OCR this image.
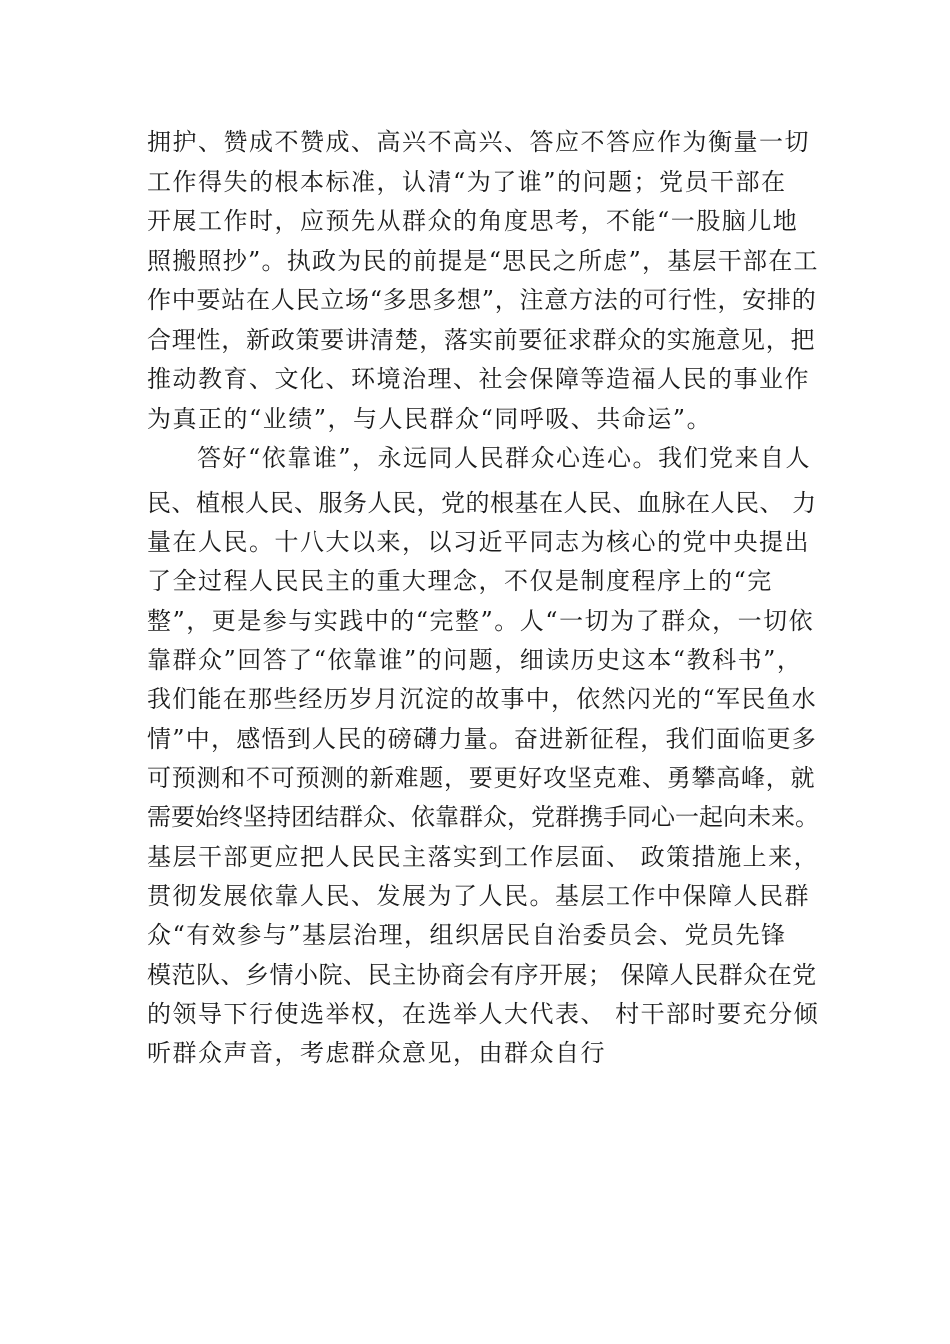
拥护、赞成不赞成、高兴不高兴、答应不答应作为衡量一切
工作得失的根本标准，认清“为了谁”的问题；党员干部在
开展工作时，应预先从群众的角度思考，不能“一股脑儿地
照搬照抄”。执政为民的前提是“思民之所虑”，基层干部在工
作中要站在人民立场“多思多想”，注意方法的可行性，安排的
合理性，新政策要讲清楚，落实前要征求群众的实施意见，把
推动教育、文化、环境治理、社会保障等造福人民的事业作
为真正的“业绩”，与人民群众“同呼吸、共命运”。
答好“依靠谁”，永远同人民群众心连心。我们党来自人
民、植根人民、服务人民，党的根基在人民、血脉在人民、 力
量在人民。十八大以来，以习近平同志为核心的党中央提出
了全过程人民民主的重大理念，不仅是制度程序上的“完
整”，更是参与实践中的“完整”。人“一切为了群众，一切依
靠群众”回答了“依靠谁”的问题，细读历史这本“教科书”，
我们能在那些经历岁月沉淀的故事中，依然闪光的“军民鱼水
情”中，感悟到人民的磅礴力量。奋进新征程，我们面临更多
可预测和不可预测的新难题，要更好攻坚克难、勇攀高峰，就
需要始终坚持团结群众、依靠群众，党群携手同心一起向未来。
基层干部更应把人民民主落实到工作层面、 政策措施上来，
贯彻发展依靠人民、发展为了人民。基层工作中保障人民群
众“有效参与”基层治理，组织居民自治委员会、党员先锋
模范队、乡情小院、民主协商会有序开展； 保障人民群众在党
的领导下行使选举权，在选举人大代表、 村干部时要充分倾
听群众声音，考虑群众意见，由群众自行
